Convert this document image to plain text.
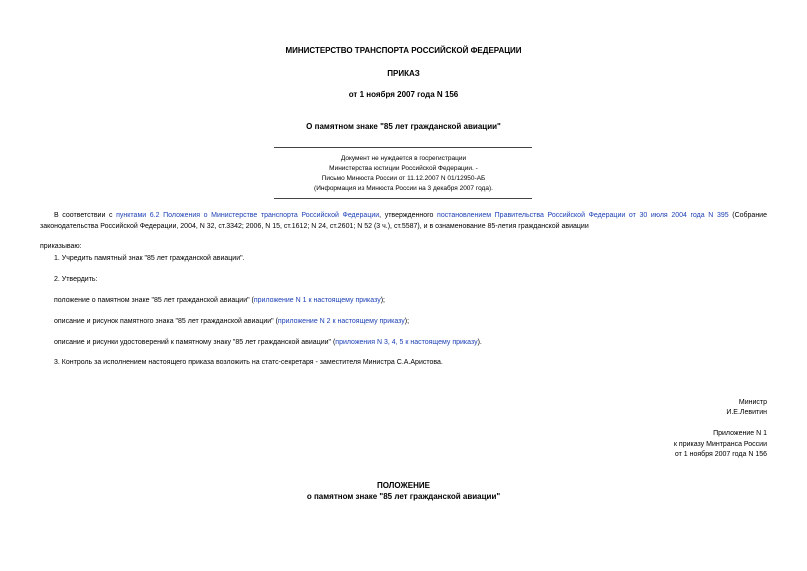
МИНИСТЕРСТВО ТРАНСПОРТА РОССИЙСКОЙ ФЕДЕРАЦИИ
ПРИКАЗ
от 1 ноября 2007 года N 156
О памятном знаке "85 лет гражданской авиации"
Документ не нуждается в госрегистрации
Министерства юстиции Российской Федерации. -
Письмо Минюста России от 11.12.2007 N 01/12950-АБ
(Информация из Минюста России на 3 декабря 2007 года).
В соответствии с пунктами 6.2 Положения о Министерстве транспорта Российской Федерации, утвержденного постановлением Правительства Российской Федерации от 30 июля 2004 года N 395 (Собрание законодательства Российской Федерации, 2004, N 32, ст.3342; 2006, N 15, ст.1612; N 24, ст.2601; N 52 (3 ч.), ст.5587), и в ознаменование 85-летия гражданской авиации
приказываю:
1. Учредить памятный знак "85 лет гражданской авиации".
2. Утвердить:
положение о памятном знаке "85 лет гражданской авиации" (приложение N 1 к настоящему приказу);
описание и рисунок памятного знака "85 лет гражданской авиации" (приложение N 2 к настоящему приказу);
описание и рисунки удостоверений к памятному знаку "85 лет гражданской авиации" (приложения N 3, 4, 5 к настоящему приказу).
3. Контроль за исполнением настоящего приказа возложить на статс-секретаря - заместителя Министра С.А.Аристова.
Министр
И.Е.Левитин
Приложение N 1
к приказу Минтранса России
от 1 ноября 2007 года N 156
ПОЛОЖЕНИЕ
о памятном знаке "85 лет гражданской авиации"
